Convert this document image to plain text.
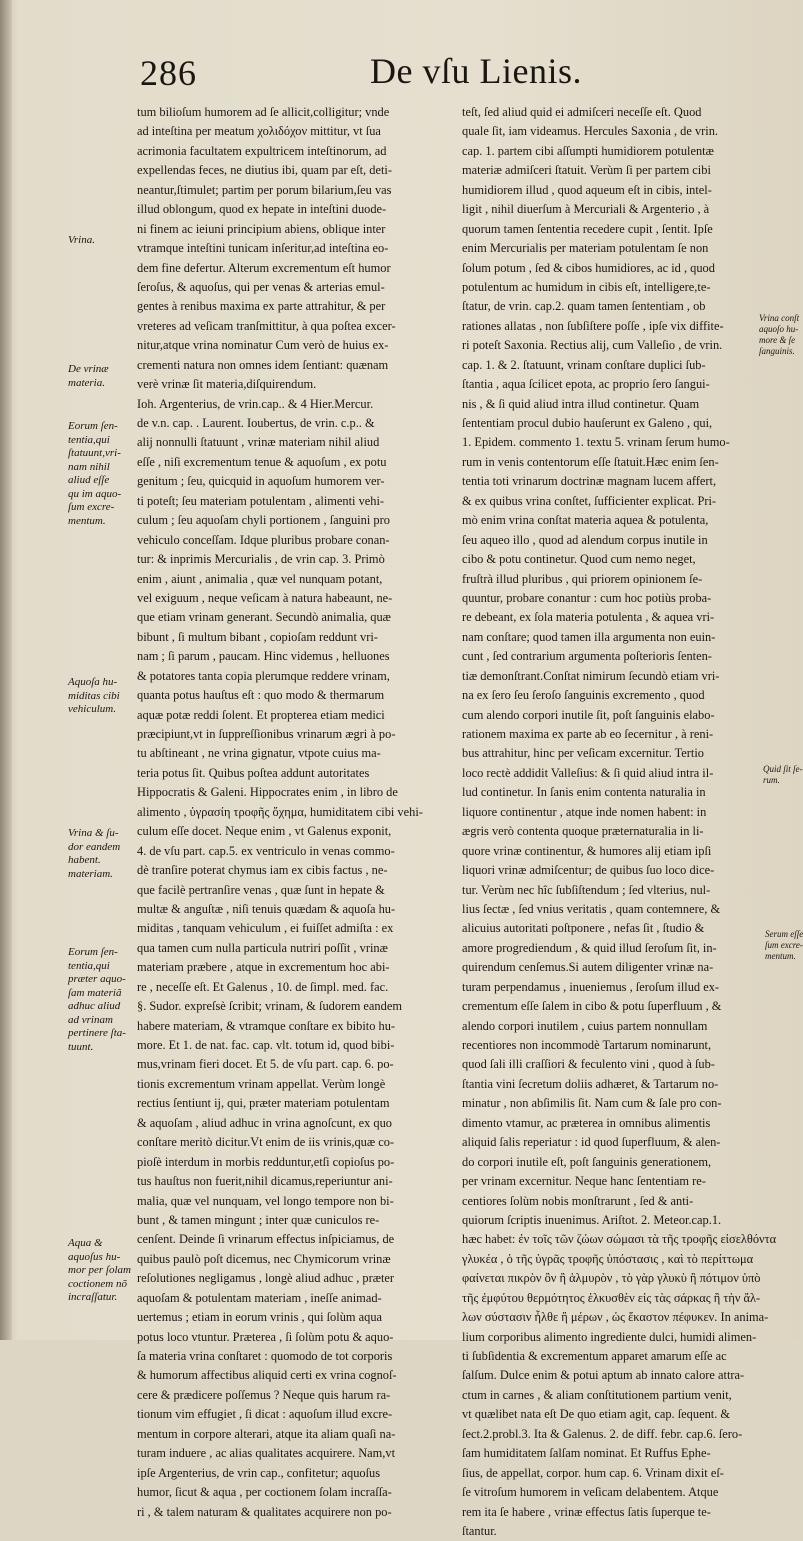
286	De vſu Lienis.
tum bilioſum humorem ad ſe allicit,colligitur; vnde
ad inteſtina per meatum χολιδόχον mittitur, vt ſua
acrimonia facultatem expultricem inteſtinorum, ad
expellendas feces, ne diutius ibi, quam par eſt, deti-
neantur,ſtimulet; partim per porum bilarium,ſeu vas
illud oblongum, quod ex hepate in inteſtini duode-
ni finem ac ieiuni principium abiens, oblique inter
vtramque inteſtini tunicam inſeritur,ad inteſtina eo-
dem fine defertur. Alterum excrementum eſt humor
ſeroſus, & aquoſus, qui per venas & arterias emul-
gentes à renibus maxima ex parte attrahitur, & per
vreteres ad veſicam tranſmittitur, à qua poſtea excer-
nitur,atque vrina nominatur Cum verò de huius ex-
crementi natura non omnes idem ſentiant: quænam
verè vrinæ ſit materia,diſquirendum.
Ioh. Argenterius, de vrin.cap.. & 4 Hier.Mercur.
de v.n. cap. . Laurent. Ioubertus, de vrin. c.p.. &
alij nonnulli ſtatuunt , vrinæ materiam nihil aliud
eſſe , niſi excrementum tenue & aquoſum , ex potu
genitum ; ſeu, quicquid in aquoſum humorem ver-
ti poteſt; ſeu materiam potulentam , alimenti vehi-
culum ; ſeu aquoſam chyli portionem , ſanguini pro
vehiculo conceſſam. Idque pluribus probare conan-
tur: & inprimis Mercurialis , de vrin cap. 3. Primò
enim , aiunt , animalia , quæ vel nunquam potant,
vel exiguum , neque veſicam à natura habeaunt, ne-
que etiam vrinam generant. Secundò animalia, quæ
bibunt , ſi multum bibant , copioſam reddunt vri-
nam ; ſi parum , paucam. Hinc videmus , helluones
& potatores tanta copia plerumque reddere vrinam,
quanta potus hauſtus eſt : quo modo & thermarum
aquæ potæ reddi ſolent. Et propterea etiam medici
præcipiunt,vt in ſuppreſſionibus vrinarum ægri à po-
tu abſtineant , ne vrina gignatur, vtpote cuius ma-
teria potus ſit. Quibus poſtea addunt autoritates
Hippocratis & Galeni. Hippocrates enim , in libro de
alimento , ὑγρασίη τροφῆς ὄχημα, humiditatem cibi vehi-
culum eſſe docet. Neque enim , vt Galenus exponit,
4. de vſu part. cap.5. ex ventriculo in venas commo-
dè tranſire poterat chymus iam ex cibis factus , ne-
que facilè pertranſire venas , quæ ſunt in hepate &
multæ & anguſtæ , niſi tenuis quædam & aquoſa hu-
miditas , tanquam vehiculum , ei fuiſſet admiſta : ex
qua tamen cum nulla particula nutriri poſſit , vrinæ
materiam præbere , atque in excrementum hoc abi-
re , neceſſe eſt. Et Galenus , 10. de ſimpl. med. fac.
§. Sudor. expreſsè ſcribit; vrinam, & ſudorem eandem
habere materiam, & vtramque conſtare ex bibito hu-
more. Et 1. de nat. fac. cap. vlt. totum id, quod bibi-
mus,vrinam fieri docet. Et 5. de vſu part. cap. 6. po-
tionis excrementum vrinam appellat. Verùm longè
rectius ſentiunt ij, qui, præter materiam potulentam
& aquoſam , aliud adhuc in vrina agnoſcunt, ex quo
conſtare meritò dicitur.Vt enim de iis vrinis,quæ co-
pioſè interdum in morbis redduntur,etſi copioſus po-
tus hauſtus non fuerit,nihil dicamus,reperiuntur ani-
malia, quæ vel nunquam, vel longo tempore non bi-
bunt , & tamen mingunt ; inter quæ cuniculos re-
cenſent. Deinde ſi vrinarum effectus inſpiciamus, de
quibus paulò poſt dicemus, nec Chymicorum vrinæ
reſolutiones negligamus , longè aliud adhuc , præter
aquoſam & potulentam materiam , ineſſe animad-
uertemus ; etiam in eorum vrinis , qui ſolùm aqua
potus loco vtuntur. Præterea , ſi ſolùm potu & aquo-
ſa materia vrina conſtaret : quomodo de tot corporis
& humorum affectibus aliquid certi ex vrina cognoſ-
cere & prædicere poſſemus ? Neque quis harum ra-
tionum vim effugiet , ſi dicat : aquoſum illud excre-
mentum in corpore alterari, atque ita aliam quaſi na-
turam induere , ac alias qualitates acquirere. Nam,vt
ipſe Argenterius, de vrin cap., confitetur; aquoſus
humor, ſicut & aqua , per coctionem ſolam incraſſa-
ri , & talem naturam & qualitates acquirere non po-
teſt, ſed aliud quid ei admiſceri neceſſe eſt. Quod
quale ſit, iam videamus. Hercules Saxonia , de vrin.
cap. 1. partem cibi aſſumpti humidiorem potulentæ
materiæ admiſceri ſtatuit. Verùm ſi per partem cibi
humidiorem illud , quod aqueum eſt in cibis, intel-
ligit , nihil diuerſum à Mercuriali & Argenterio , à
quorum tamen ſententia recedere cupit , ſentit. Ipſe
enim Mercurialis per materiam potulentam ſe non
ſolum potum , ſed & cibos humidiores, ac id , quod
potulentum ac humidum in cibis eſt, intelligere,te-
ſtatur, de vrin. cap.2. quam tamen ſententiam , ob
rationes allatas , non ſubſiſtere poſſe , ipſe vix diffite-
ri poteſt Saxonia. Rectius alij, cum Valleſio , de vrin.
cap. 1. & 2. ſtatuunt, vrinam conſtare duplici ſub-
ſtantia , aqua ſcilicet epota, ac proprio ſero ſangui-
nis , & ſi quid aliud intra illud continetur. Quam
ſententiam procul dubio hauſerunt ex Galeno , qui,
1. Epidem. commento 1. textu 5. vrinam ſerum humo-
rum in venis contentorum eſſe ſtatuit.Hæc enim ſen-
tentia toti vrinarum doctrinæ magnam lucem affert,
& ex quibus vrina conſtet, ſufficienter explicat. Pri-
mò enim vrina conſtat materia aquea & potulenta,
ſeu aqueo illo , quod ad alendum corpus inutile in
cibo & potu continetur. Quod cum nemo neget,
fruſtrà illud pluribus , qui priorem opinionem ſe-
quuntur, probare conantur : cum hoc potiùs proba-
re debeant, ex ſola materia potulenta , & aquea vri-
nam conſtare; quod tamen illa argumenta non euin-
cunt , ſed contrarium argumenta poſterioris ſenten-
tiæ demonſtrant.Conſtat nimirum ſecundò etiam vri-
na ex ſero ſeu ſeroſo ſanguinis excremento , quod
cum alendo corpori inutile ſit, poſt ſanguinis elabo-
rationem maxima ex parte ab eo ſecernitur , à reni-
bus attrahitur, hinc per veſicam excernitur. Tertio
loco rectè addidit Valleſius: & ſi quid aliud intra il-
lud continetur. In ſanis enim contenta naturalia in
liquore continentur , atque inde nomen habent: in
ægris verò contenta quoque præternaturalia in li-
quore vrinæ continentur, & humores alij etiam ipſi
liquori vrinæ admiſcentur; de quibus ſuo loco dice-
tur. Verùm nec hîc ſubſiſtendum ; ſed vlterius, nul-
lius ſectæ , ſed vnius veritatis , quam contemnere, &
alicuius autoritati poſtponere , nefas ſit , ſtudio &
amore progrediendum , & quid illud ſeroſum ſit, in-
quirendum cenſemus.Si autem diligenter vrinæ na-
turam perpendamus , inueniemus , ſeroſum illud ex-
crementum eſſe ſalem in cibo & potu ſuperfluum , &
alendo corpori inutilem , cuius partem nonnullam
recentiores non incommodè Tartarum nominarunt,
quod ſali illi craſſiori & feculento vini , quod à ſub-
ſtantia vini ſecretum doliis adhæret, & Tartarum no-
minatur , non abſimilis ſit. Nam cum & ſale pro con-
dimento vtamur, ac præterea in omnibus alimentis
aliquid ſalis reperiatur : id quod ſuperfluum, & alen-
do corpori inutile eſt, poſt ſanguinis generationem,
per vrinam excernitur. Neque hanc ſententiam re-
centiores ſolùm nobis monſtrarunt , ſed & anti-
quiorum ſcriptis inuenimus. Ariſtot. 2. Meteor.cap.1.
hæc habet: ἐν τοῖς τῶν ζώων σώμασι τὰ τῆς τροφῆς εἰσελθόντα
γλυκέα , ὁ τῆς ὑγρᾶς τροφῆς ὑπόστασις , καὶ τὸ περίττωμα
φαίνεται πικρὸν ὂν ἢ ἁλμυρὸν , τὸ γὰρ γλυκὺ ἢ πότιμον ὑπὸ
τῆς ἐμφύτου θερμότητος ἑλκυσθὲν εἰς τὰς σάρκας ἢ τὴν ἄλ-
λων σύστασιν ἦλθε ἢ μέρων , ὡς ἕκαστον πέφυκεν. In anima-
lium corporibus alimento ingrediente dulci, humidi alimen-
ti ſubſidentia & excrementum apparet amarum eſſe ac
ſalſum. Dulce enim & potui aptum ab innato calore attra-
ctum in carnes , & aliam conſtitutionem partium venit,
vt quælibet nata eſt De quo etiam agit, cap. ſequent. &
ſect.2.probl.3. Ita & Galenus. 2. de diff. febr. cap.6. ſero-
ſam humiditatem ſalſam nominat. Et Ruffus Ephe-
ſius, de appellat, corpor. hum cap. 6. Vrinam dixit eſ-
ſe vitroſum humorem in veſicam delabentem. Atque
rem ita ſe habere , vrinæ effectus ſatis ſuperque te-
ſtantur.
Vrina.
De vrinæ
materia.
Eorum ſen-
tentia,qui
ſtatuunt,vri-
nam nihil
aliud eſſe
qu im aquo-
ſum excre-
mentum.
Aquoſa hu-
miditas cibi
vehiculum.
Vrina & ſu-
dor eandem
habent.
materiam.
Eorum ſen-
tentia,qui
præter aquo-
ſam materiã
adhuc aliud
ad vrinam
pertinere ſta-
tuunt.
Aqua &
aquoſus hu-
mor per ſolam
coctionem nõ
incraſſatur.
Vrina conſt
aquoſo hu-
more & ſe
ſanguinis.
Quid ſit ſe-
rum.
Serum eſſe
ſum excre-
mentum.
